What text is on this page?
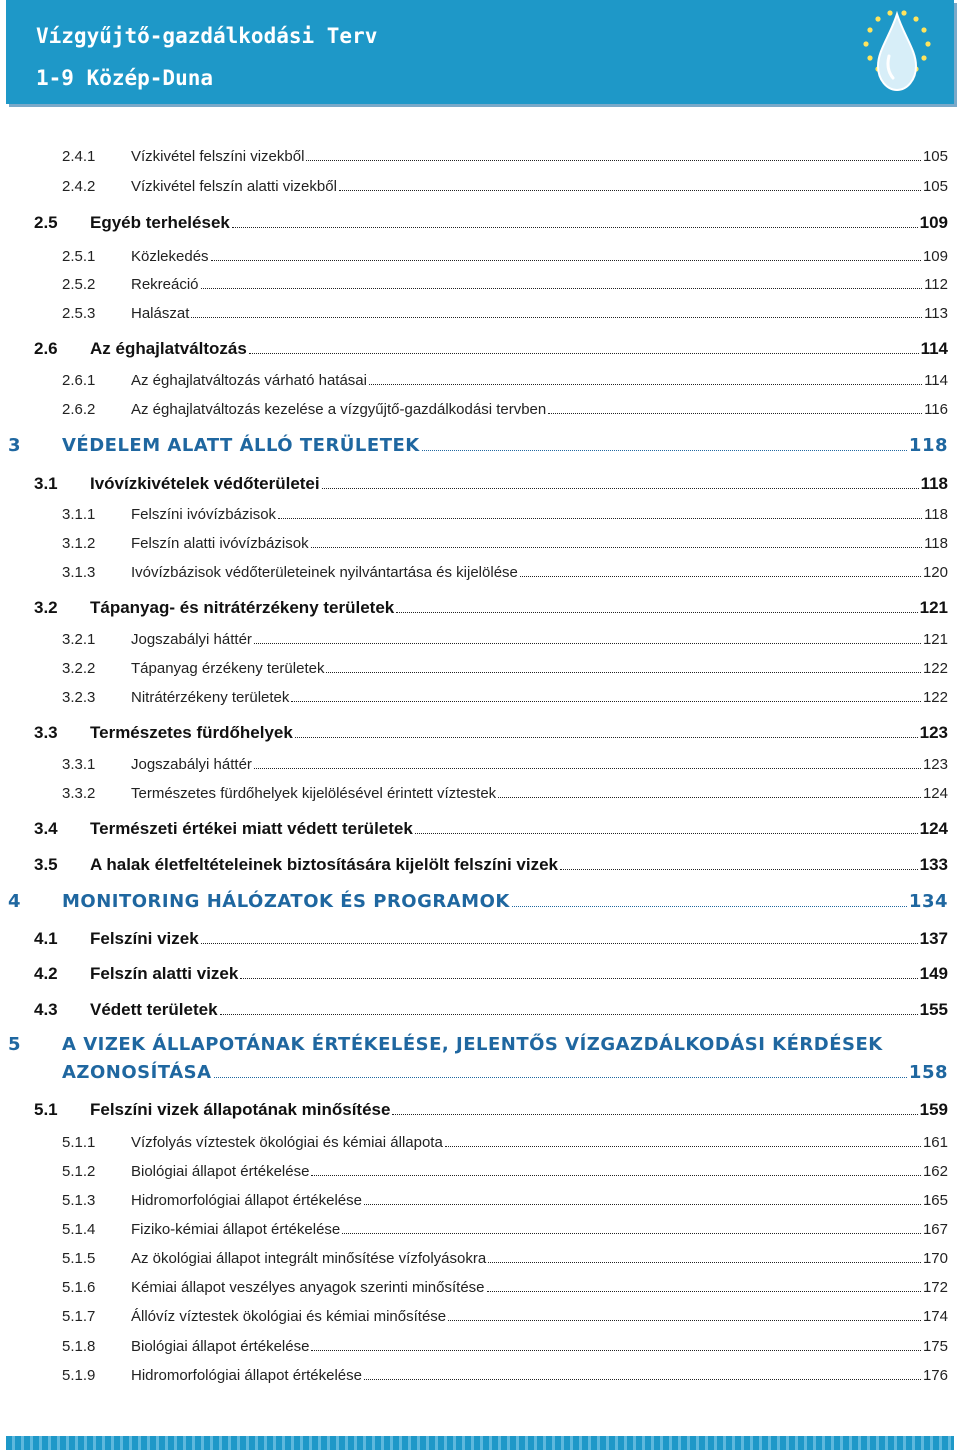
Vízgyűjtő-gazdálkodási Terv
1-9 Közép-Duna
2.4.1	Vízkivétel felszíni vizekből	105
2.4.2	Vízkivétel felszín alatti vizekből	105
2.5	Egyéb terhelések	109
2.5.1	Közlekedés	109
2.5.2	Rekreáció	112
2.5.3	Halászat	113
2.6	Az éghajlatváltozás	114
2.6.1	Az éghajlatváltozás várható hatásai	114
2.6.2	Az éghajlatváltozás kezelése a vízgyűjtő-gazdálkodási tervben	116
3	VÉDELEM ALATT ÁLLÓ TERÜLETEK	118
3.1	Ivóvízkivételek védőterületei	118
3.1.1	Felszíni ivóvízbázisok	118
3.1.2	Felszín alatti ivóvízbázisok	118
3.1.3	Ivóvízbázisok védőterületeinek nyilvántartása és kijelölése	120
3.2	Tápanyag- és nitrátérzékeny területek	121
3.2.1	Jogszabályi háttér	121
3.2.2	Tápanyag érzékeny területek	122
3.2.3	Nitrátérzékeny területek	122
3.3	Természetes fürdőhelyek	123
3.3.1	Jogszabályi háttér	123
3.3.2	Természetes fürdőhelyek kijelölésével érintett víztestek	124
3.4	Természeti értékei miatt védett területek	124
3.5	A halak életfeltételeinek biztosítására kijelölt felszíni vizek	133
4	MONITORING HÁLÓZATOK ÉS PROGRAMOK	134
4.1	Felszíni vizek	137
4.2	Felszín alatti vizek	149
4.3	Védett területek	155
5 A VIZEK ÁLLAPOTÁNAK ÉRTÉKELÉSE, JELENTŐS VÍZGAZDÁLKODÁSI KÉRDÉSEK
AZONOSÍTÁSA	158
5.1	Felszíni vizek állapotának minősítése	159
5.1.1	Vízfolyás víztestek ökológiai és kémiai állapota	161
5.1.2	Biológiai állapot értékelése	162
5.1.3	Hidromorfológiai állapot értékelése	165
5.1.4	Fiziko-kémiai állapot értékelése	167
5.1.5	Az ökológiai állapot integrált minősítése vízfolyásokra	170
5.1.6	Kémiai állapot veszélyes anyagok szerinti minősítése	172
5.1.7	Állóvíz víztestek ökológiai és kémiai minősítése	174
5.1.8	Biológiai állapot értékelése	175
5.1.9	Hidromorfológiai állapot értékelése	176
